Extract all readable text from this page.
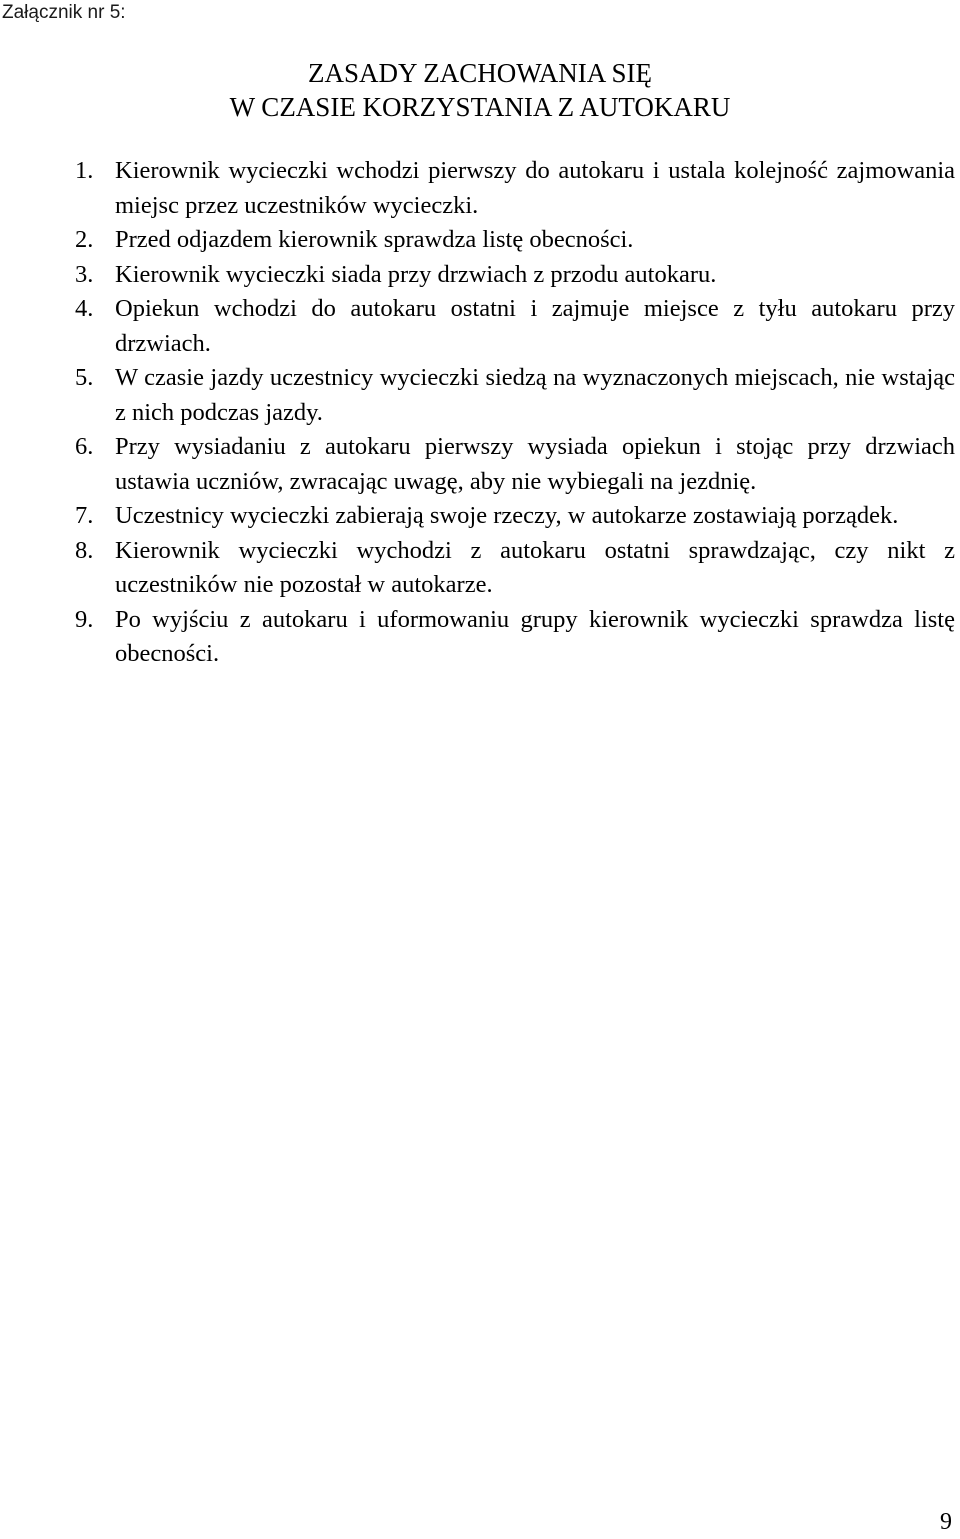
Załącznik nr 5:
ZASADY ZACHOWANIA SIĘ
W CZASIE KORZYSTANIA Z AUTOKARU
1. Kierownik wycieczki wchodzi pierwszy do autokaru i ustala kolejność zajmowania miejsc przez uczestników wycieczki.
2. Przed odjazdem kierownik sprawdza listę obecności.
3. Kierownik wycieczki siada przy drzwiach z przodu autokaru.
4. Opiekun wchodzi do autokaru ostatni i zajmuje miejsce z tyłu autokaru przy drzwiach.
5. W czasie jazdy uczestnicy wycieczki siedzą na wyznaczonych miejscach, nie wstając z nich podczas jazdy.
6. Przy wysiadaniu z autokaru pierwszy wysiada opiekun i stojąc przy drzwiach ustawia uczniów, zwracając uwagę, aby nie wybiegali na jezdnię.
7. Uczestnicy wycieczki zabierają swoje rzeczy, w autokarze zostawiają porządek.
8. Kierownik wycieczki wychodzi z autokaru ostatni sprawdzając, czy nikt z uczestników nie pozostał w autokarze.
9. Po wyjściu z autokaru i uformowaniu grupy kierownik wycieczki sprawdza listę obecności.
9
